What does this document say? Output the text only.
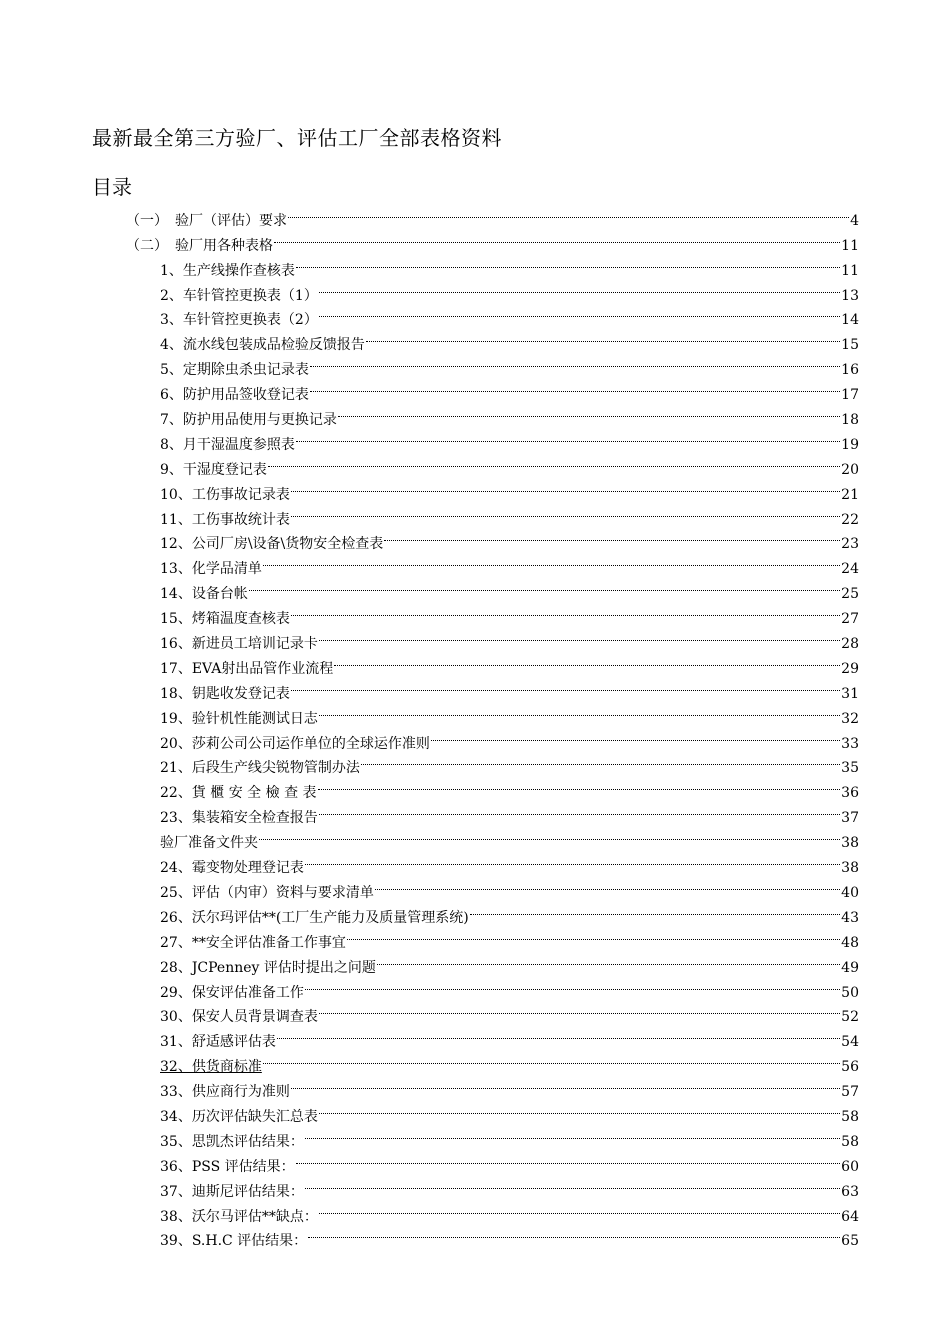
最新最全第三方验厂、评估工厂全部表格资料
目录
（一）　验厂（评估）要求	4
（二）　验厂用各种表格	11
1、生产线操作查核表	11
2、车针管控更换表（1）	13
3、车针管控更换表（2）	14
4、流水线包装成品检验反馈报告	15
5、定期除虫杀虫记录表	16
6、防护用品签收登记表	17
7、防护用品使用与更换记录	18
8、月干湿温度参照表	19
9、干湿度登记表	20
10、工伤事故记录表	21
11、工伤事故统计表	22
12、公司厂房\设备\货物安全检查表	23
13、化学品清单	24
14、设备台帐	25
15、烤箱温度查核表	27
16、新进员工培训记录卡	28
17、EVA射出品管作业流程	29
18、钥匙收发登记表	31
19、验针机性能测试日志	32
20、莎莉公司公司运作单位的全球运作准则	33
21、后段生产线尖锐物管制办法	35
22、貨 櫃 安 全 檢 查 表	36
23、集装箱安全检查报告	37
验厂准备文件夹	38
24、霉变物处理登记表	38
25、评估（内审）资料与要求清单	40
26、沃尔玛评估**(工厂生产能力及质量管理系统)	43
27、**安全评估准备工作事宜	48
28、JCPenney 评估时提出之问题	49
29、保安评估准备工作	50
30、保安人员背景调查表	52
31、舒适感评估表	54
32、供货商标准	56
33、供应商行为准则	57
34、历次评估缺失汇总表	58
35、思凯杰评估结果：	58
36、PSS 评估结果：	60
37、迪斯尼评估结果：	63
38、沃尔马评估**缺点：	64
39、S.H.C 评估结果：	65
